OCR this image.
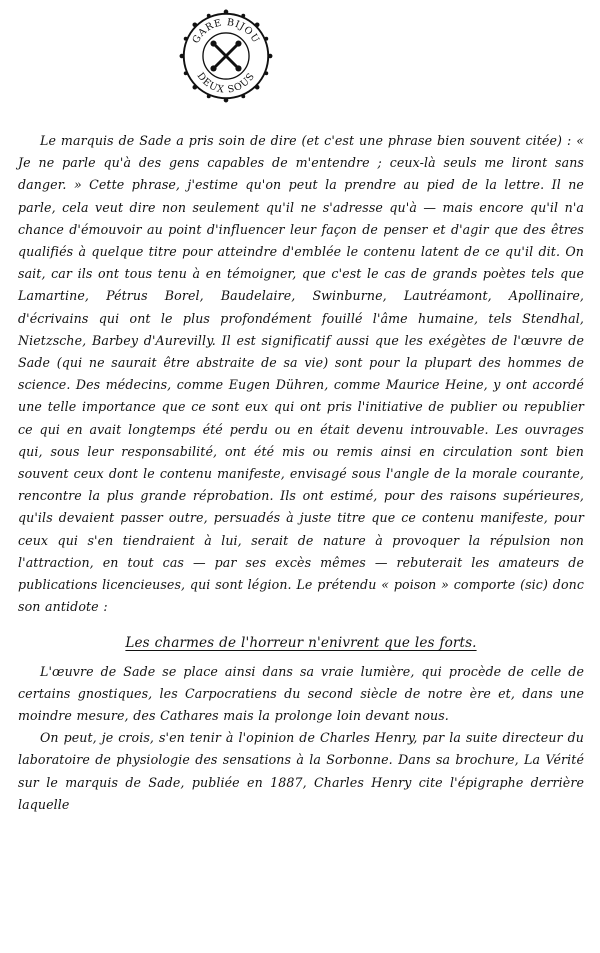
GARE BIJOU
DEUX SOUS

Le marquis de Sade a pris soin de dire (et c'est une phrase bien souvent citée) : « Je ne parle qu'à des gens capables de m'entendre ; ceux-là seuls me liront sans danger. » Cette phrase, j'estime qu'on peut la prendre au pied de la lettre. Il ne parle, cela veut dire non seulement qu'il ne s'adresse qu'à — mais encore qu'il n'a chance d'émouvoir au point d'influencer leur façon de penser et d'agir que des êtres qualifiés à quelque titre pour atteindre d'emblée le contenu latent de ce qu'il dit. On sait, car ils ont tous tenu à en témoigner, que c'est le cas de grands poètes tels que Lamartine, Pétrus Borel, Baudelaire, Swinburne, Lautréamont, Apollinaire, d'écrivains qui ont le plus profondément fouillé l'âme humaine, tels Stendhal, Nietzsche, Barbey d'Aurevilly. Il est significatif aussi que les exégètes de l'œuvre de Sade (qui ne saurait être abstraite de sa vie) sont pour la plupart des hommes de science. Des médecins, comme Eugen Dühren, comme Maurice Heine, y ont accordé une telle importance que ce sont eux qui ont pris l'initiative de publier ou republier ce qui en avait longtemps été perdu ou en était devenu introuvable. Les ouvrages qui, sous leur responsabilité, ont été mis ou remis ainsi en circulation sont bien souvent ceux dont le contenu manifeste, envisagé sous l'angle de la morale courante, rencontre la plus grande réprobation. Ils ont estimé, pour des raisons supérieures, qu'ils devaient passer outre, persuadés à juste titre que ce contenu manifeste, pour ceux qui s'en tiendraient à lui, serait de nature à provoquer la répulsion non l'attraction, en tout cas — par ses excès mêmes — rebuterait les amateurs de publications licencieuses, qui sont légion. Le prétendu « poison » comporte (sic) donc son antidote :

Les charmes de l'horreur n'enivrent que les forts.

L'œuvre de Sade se place ainsi dans sa vraie lumière, qui procède de celle de certains gnostiques, les Carpocratiens du second siècle de notre ère et, dans une moindre mesure, des Cathares mais la prolonge loin devant nous.

On peut, je crois, s'en tenir à l'opinion de Charles Henry, par la suite directeur du laboratoire de physiologie des sensations à la Sorbonne. Dans sa brochure, La Vérité sur le marquis de Sade, publiée en 1887, Charles Henry cite l'épigraphe derrière laquelle
